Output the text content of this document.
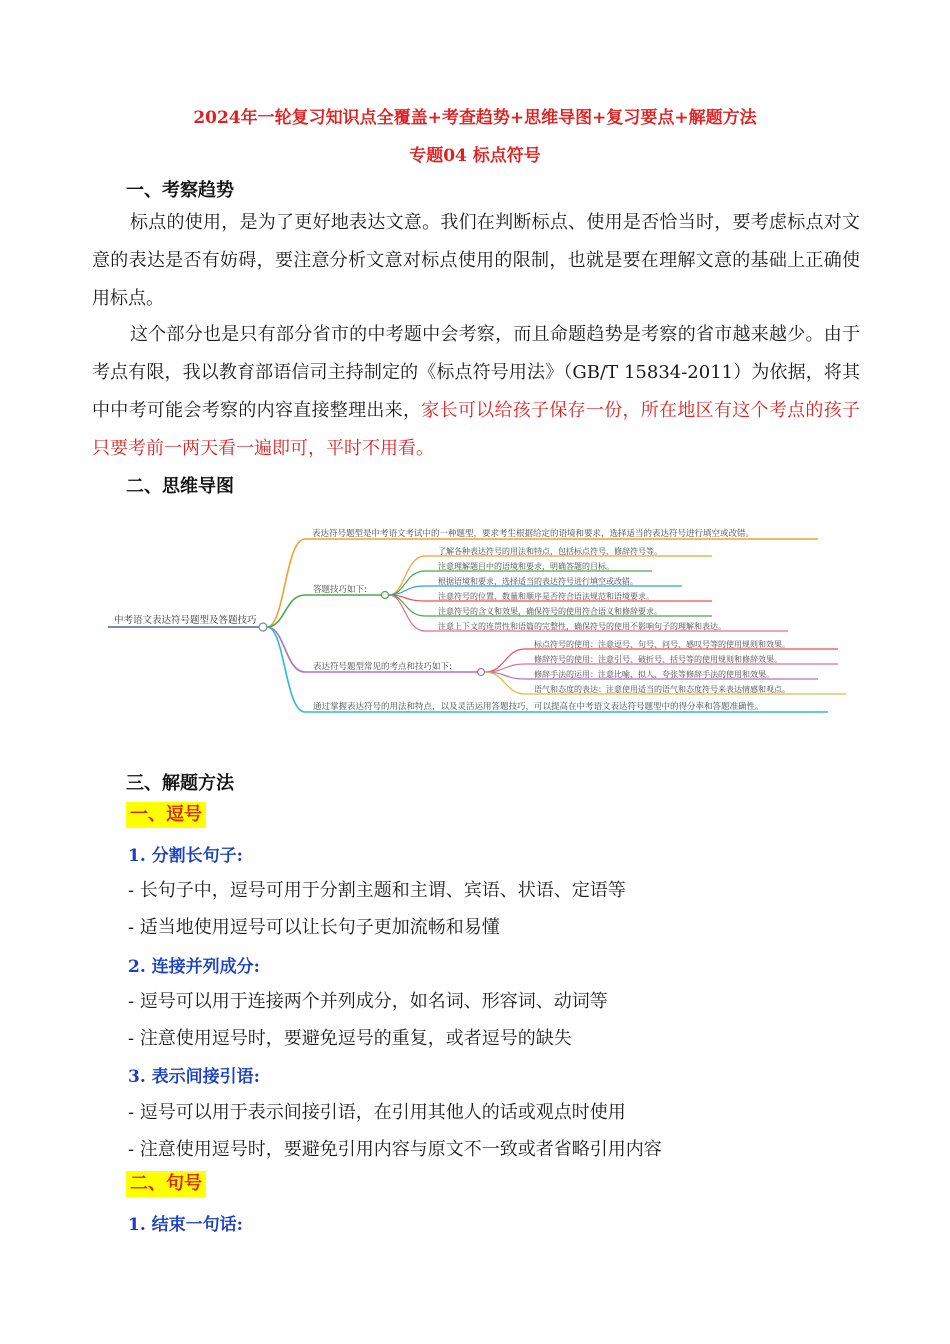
2024年一轮复习知识点全覆盖+考查趋势+思维导图+复习要点+解题方法
专题04 标点符号
一、考察趋势

标点的使用，是为了更好地表达文意。我们在判断标点、使用是否恰当时，要考虑标点对文意的表达是否有妨碍，要注意分析文意对标点使用的限制，也就是要在理解文意的基础上正确使用标点。

这个部分也是只有部分省市的中考题中会考察，而且命题趋势是考察的省市越来越少。由于考点有限，我以教育部语信司主持制定的《标点符号用法》（GB/T 15834-2011）为依据，将其中中考可能会考察的内容直接整理出来，家长可以给孩子保存一份，所在地区有这个考点的孩子只要考前一两天看一遍即可，平时不用看。

二、思维导图
中考语文表达符号题型及答题技巧
表达符号题型是中考语文考试中的一种题型，要求考生根据给定的语境和要求，选择适当的表达符号进行填空或改错。
答题技巧如下:
了解各种表达符号的用法和特点，包括标点符号、修辞符号等。
注意理解题目中的语境和要求，明确答题的目标。
根据语境和要求，选择适当的表达符号进行填空或改错。
注意符号的位置、数量和顺序是否符合语法规范和语境要求。
注意符号的含义和效果，确保符号的使用符合语义和修辞要求。
注意上下文的连贯性和语篇的完整性，确保符号的使用不影响句子的理解和表达。
表达符号题型常见的考点和技巧如下:
标点符号的使用：注意逗号、句号、问号、感叹号等的使用规则和效果。
修辞符号的使用：注意引号、破折号、括号等的使用规则和修辞效果。
修辞手法的运用：注意比喻、拟人、夸张等修辞手法的使用和效果。
语气和态度的表达：注意使用适当的语气和态度符号来表达情感和观点。
通过掌握表达符号的用法和特点，以及灵活运用答题技巧，可以提高在中考语文表达符号题型中的得分率和答题准确性。
三、解题方法
一、逗号
1. 分割长句子:
- 长句子中，逗号可用于分割主题和主谓、宾语、状语、定语等
- 适当地使用逗号可以让长句子更加流畅和易懂
2. 连接并列成分:
- 逗号可以用于连接两个并列成分，如名词、形容词、动词等
- 注意使用逗号时，要避免逗号的重复，或者逗号的缺失
3. 表示间接引语:
- 逗号可以用于表示间接引语，在引用其他人的话或观点时使用
- 注意使用逗号时，要避免引用内容与原文不一致或者省略引用内容
二、句号
1. 结束一句话:
